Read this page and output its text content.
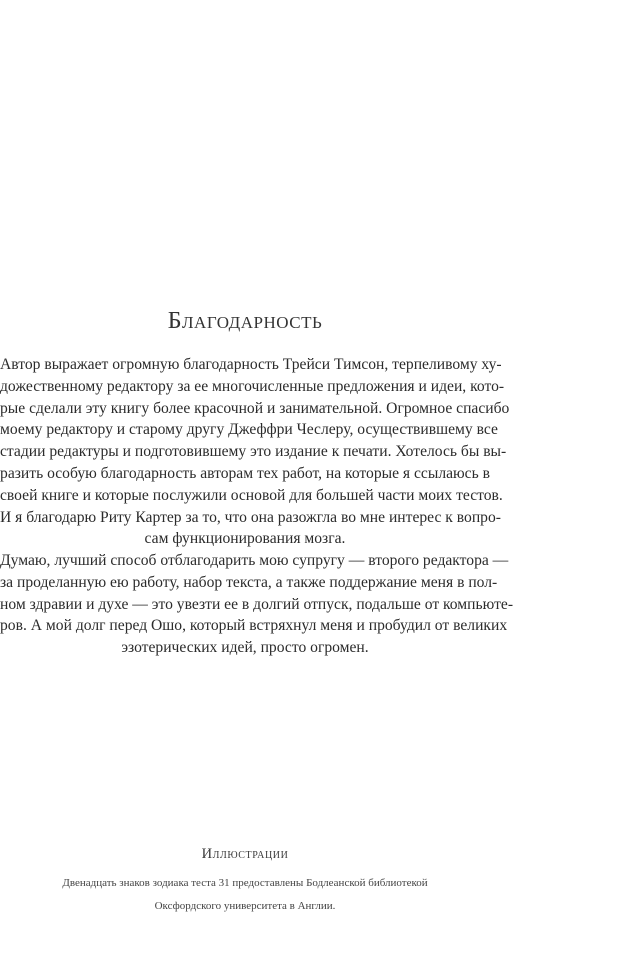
Благодарность
Автор выражает огромную благодарность Трейси Тимсон, терпеливому ху-
дожественному редактору за ее многочисленные предложения и идеи, кото-
рые сделали эту книгу более красочной и занимательной. Огромное спасибо
моему редактору и старому другу Джеффри Чеслеру, осуществившему все
стадии редактуры и подготовившему это издание к печати. Хотелось бы вы-
разить особую благодарность авторам тех работ, на которые я ссылаюсь в
своей книге и которые послужили основой для большей части моих тестов.
И я благодарю Риту Картер за то, что она разожгла во мне интерес к вопро-
сам функционирования мозга.
Думаю, лучший способ отблагодарить мою супругу — второго редактора —
за проделанную ею работу, набор текста, а также поддержание меня в пол-
ном здравии и духе — это увезти ее в долгий отпуск, подальше от компьюте-
ров. А мой долг перед Ошо, который встряхнул меня и пробудил от великих
эзотерических идей, просто огромен.
Иллюстрации
Двенадцать знаков зодиака теста 31 предоставлены Бодлеанской библиотекой
Оксфордского университета в Англии.
